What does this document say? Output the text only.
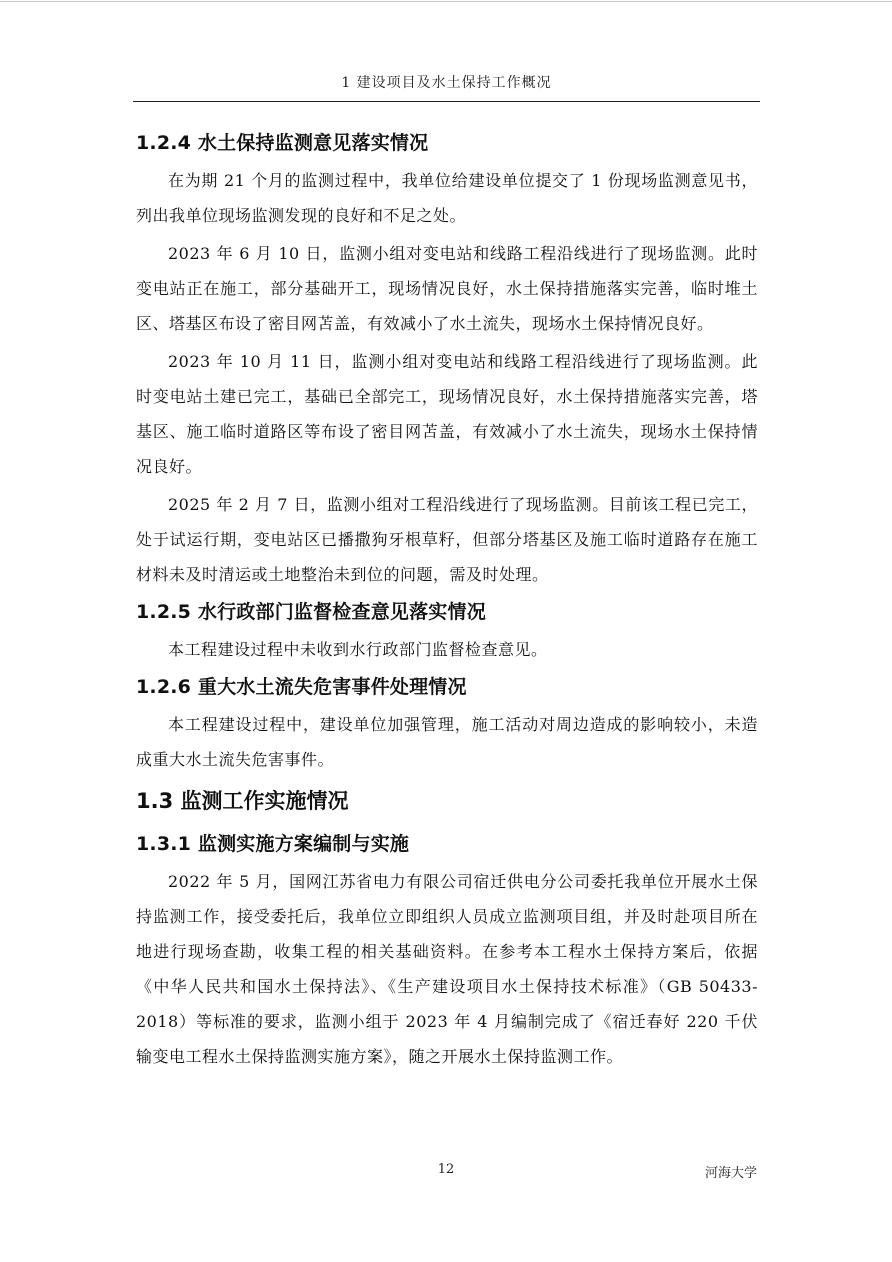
1 建设项目及水土保持工作概况
1.2.4 水土保持监测意见落实情况

在为期 21 个月的监测过程中，我单位给建设单位提交了 1 份现场监测意见书，列出我单位现场监测发现的良好和不足之处。

2023 年 6 月 10 日，监测小组对变电站和线路工程沿线进行了现场监测。此时变电站正在施工，部分基础开工，现场情况良好，水土保持措施落实完善，临时堆土区、塔基区布设了密目网苫盖，有效减小了水土流失，现场水土保持情况良好。

2023 年 10 月 11 日，监测小组对变电站和线路工程沿线进行了现场监测。此时变电站土建已完工，基础已全部完工，现场情况良好，水土保持措施落实完善，塔基区、施工临时道路区等布设了密目网苫盖，有效减小了水土流失，现场水土保持情况良好。

2025 年 2 月 7 日，监测小组对工程沿线进行了现场监测。目前该工程已完工，处于试运行期，变电站区已播撒狗牙根草籽，但部分塔基区及施工临时道路存在施工材料未及时清运或土地整治未到位的问题，需及时处理。

1.2.5 水行政部门监督检查意见落实情况

本工程建设过程中未收到水行政部门监督检查意见。

1.2.6 重大水土流失危害事件处理情况

本工程建设过程中，建设单位加强管理，施工活动对周边造成的影响较小，未造成重大水土流失危害事件。

1.3 监测工作实施情况
1.3.1 监测实施方案编制与实施

2022 年 5 月，国网江苏省电力有限公司宿迁供电分公司委托我单位开展水土保持监测工作，接受委托后，我单位立即组织人员成立监测项目组，并及时赴项目所在地进行现场查勘，收集工程的相关基础资料。在参考本工程水土保持方案后，依据《中华人民共和国水土保持法》、《生产建设项目水土保持技术标准》（GB 50433-2018）等标准的要求，监测小组于 2023 年 4 月编制完成了《宿迁春好 220 千伏输变电工程水土保持监测实施方案》，随之开展水土保持监测工作。

12	河海大学
